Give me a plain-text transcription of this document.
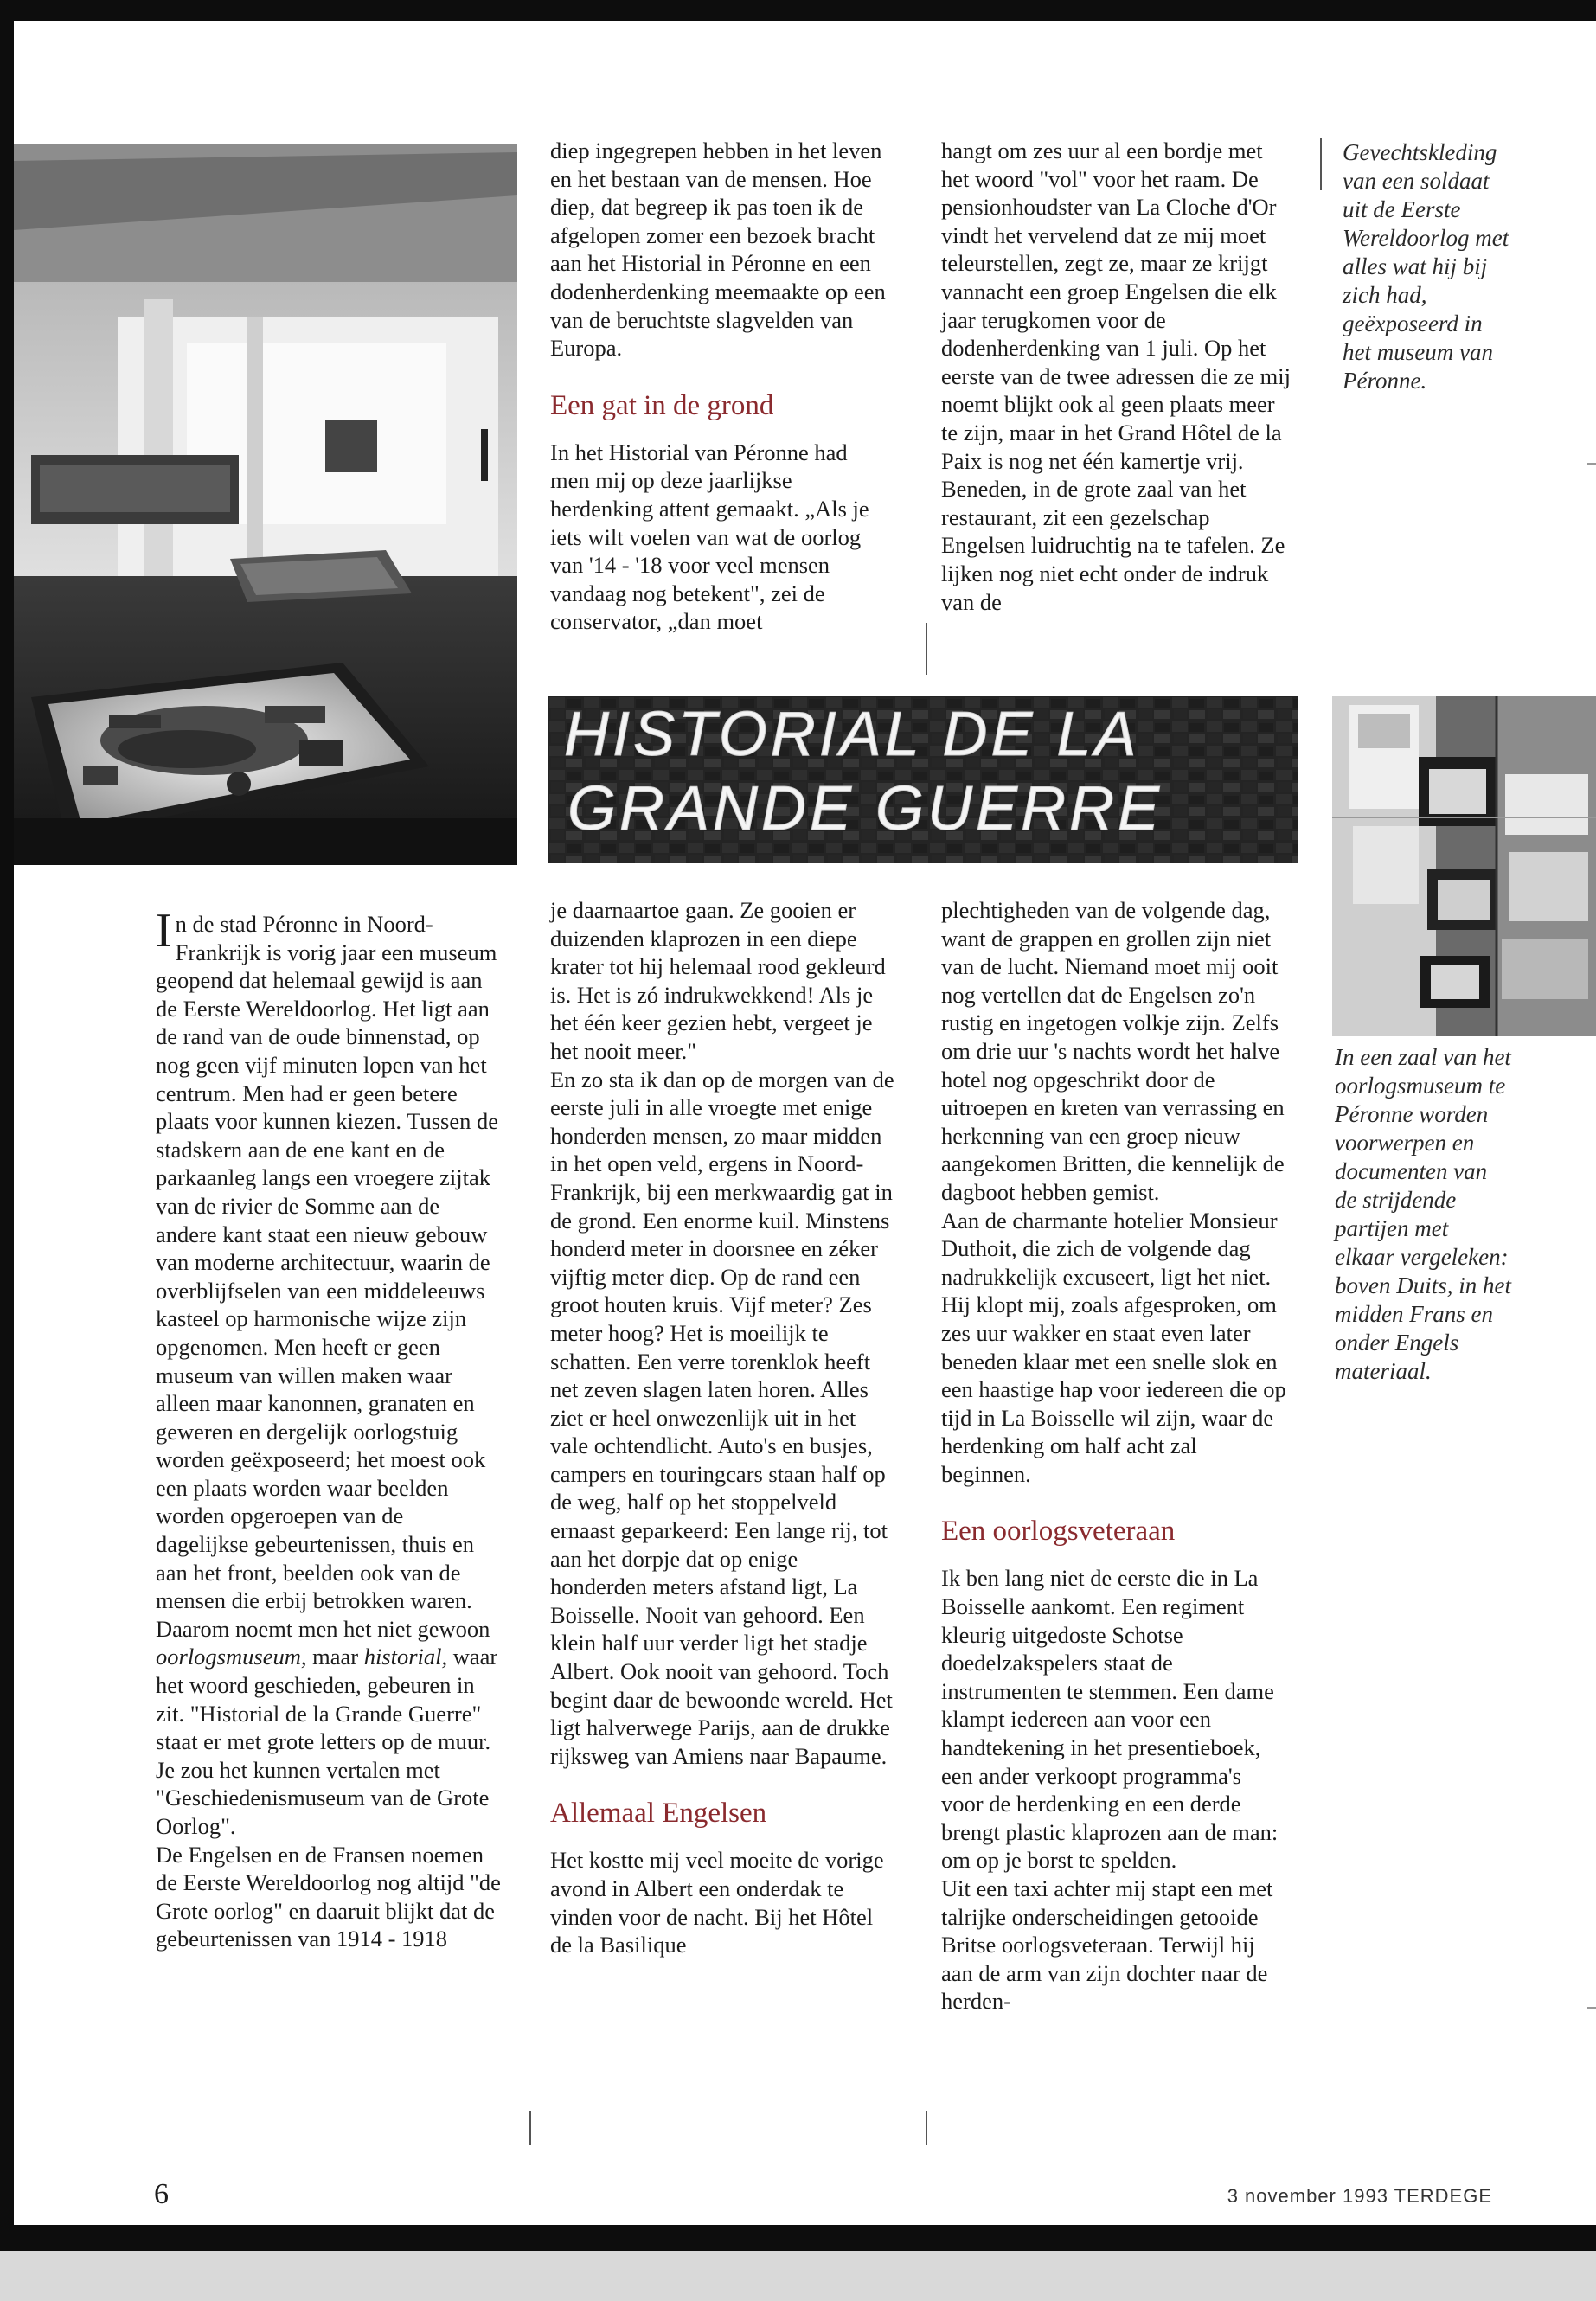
HISTORIAL DE LA
GRANDE GUERRE
Gevechtskleding van een soldaat uit de Eerste Wereldoorlog met alles wat hij bij zich had, geëxposeerd in het museum van Péronne.
In een zaal van het oorlogsmuseum te Péronne worden voorwerpen en documenten van de strijdende partijen met elkaar vergeleken: boven Duits, in het midden Frans en onder Engels materiaal.

diep ingegrepen hebben in het leven en het bestaan van de mensen. Hoe diep, dat begreep ik pas toen ik de afgelopen zomer een bezoek bracht aan het Historial in Péronne en een dodenherdenking meemaakte op een van de beruchtste slagvelden van Europa.

Een gat in de grond

In het Historial van Péronne had men mij op deze jaarlijkse herdenking attent gemaakt. „Als je iets wilt voelen van wat de oorlog van '14 - '18 voor veel mensen vandaag nog betekent", zei de conservator, „dan moet

hangt om zes uur al een bordje met het woord "vol" voor het raam. De pensionhoudster van La Cloche d'Or vindt het vervelend dat ze mij moet teleurstellen, zegt ze, maar ze krijgt vannacht een groep Engelsen die elk jaar terugkomen voor de dodenherdenking van 1 juli. Op het eerste van de twee adressen die ze mij noemt blijkt ook al geen plaats meer te zijn, maar in het Grand Hôtel de la Paix is nog net één kamertje vrij. Beneden, in de grote zaal van het restaurant, zit een gezelschap Engelsen luidruchtig na te tafelen. Ze lijken nog niet echt onder de indruk van de

In de stad Péronne in Noord-Frankrijk is vorig jaar een museum geopend dat helemaal gewijd is aan de Eerste Wereldoorlog. Het ligt aan de rand van de oude binnenstad, op nog geen vijf minuten lopen van het centrum. Men had er geen betere plaats voor kunnen kiezen. Tussen de stadskern aan de ene kant en de parkaanleg langs een vroegere zijtak van de rivier de Somme aan de andere kant staat een nieuw gebouw van moderne architectuur, waarin de overblijfselen van een middeleeuws kasteel op harmonische wijze zijn opgenomen. Men heeft er geen museum van willen maken waar alleen maar kanonnen, granaten en geweren en dergelijk oorlogstuig worden geëxposeerd; het moest ook een plaats worden waar beelden worden opgeroepen van de dagelijkse gebeurtenissen, thuis en aan het front, beelden ook van de mensen die erbij betrokken waren. Daarom noemt men het niet gewoon oorlogsmuseum, maar historial, waar het woord geschieden, gebeuren in zit. "Historial de la Grande Guerre" staat er met grote letters op de muur. Je zou het kunnen vertalen met "Geschiedenismuseum van de Grote Oorlog".

De Engelsen en de Fransen noemen de Eerste Wereldoorlog nog altijd "de Grote oorlog" en daaruit blijkt dat de gebeurtenissen van 1914 - 1918

je daarnaartoe gaan. Ze gooien er duizenden klaprozen in een diepe krater tot hij helemaal rood gekleurd is. Het is zó indrukwekkend! Als je het één keer gezien hebt, vergeet je het nooit meer."

En zo sta ik dan op de morgen van de eerste juli in alle vroegte met enige honderden mensen, zo maar midden in het open veld, ergens in Noord-Frankrijk, bij een merkwaardig gat in de grond. Een enorme kuil. Minstens honderd meter in doorsnee en zéker vijftig meter diep. Op de rand een groot houten kruis. Vijf meter? Zes meter hoog? Het is moeilijk te schatten. Een verre torenklok heeft net zeven slagen laten horen. Alles ziet er heel onwezenlijk uit in het vale ochtendlicht. Auto's en busjes, campers en touringcars staan half op de weg, half op het stoppelveld ernaast geparkeerd: Een lange rij, tot aan het dorpje dat op enige honderden meters afstand ligt, La Boisselle. Nooit van gehoord. Een klein half uur verder ligt het stadje Albert. Ook nooit van gehoord. Toch begint daar de bewoonde wereld. Het ligt halverwege Parijs, aan de drukke rijksweg van Amiens naar Bapaume.

Allemaal Engelsen

Het kostte mij veel moeite de vorige avond in Albert een onderdak te vinden voor de nacht. Bij het Hôtel de la Basilique

plechtigheden van de volgende dag, want de grappen en grollen zijn niet van de lucht. Niemand moet mij ooit nog vertellen dat de Engelsen zo'n rustig en ingetogen volkje zijn. Zelfs om drie uur 's nachts wordt het halve hotel nog opgeschrikt door de uitroepen en kreten van verrassing en herkenning van een groep nieuw aangekomen Britten, die kennelijk de dagboot hebben gemist.

Aan de charmante hotelier Monsieur Duthoit, die zich de volgende dag nadrukkelijk excuseert, ligt het niet. Hij klopt mij, zoals afgesproken, om zes uur wakker en staat even later beneden klaar met een snelle slok en een haastige hap voor iedereen die op tijd in La Boisselle wil zijn, waar de herdenking om half acht zal beginnen.

Een oorlogsveteraan

Ik ben lang niet de eerste die in La Boisselle aankomt. Een regiment kleurig uitgedoste Schotse doedelzakspelers staat de instrumenten te stemmen. Een dame klampt iedereen aan voor een handtekening in het presentieboek, een ander verkoopt programma's voor de herdenking en een derde brengt plastic klaprozen aan de man: om op je borst te spelden.

Uit een taxi achter mij stapt een met talrijke onderscheidingen getooide Britse oorlogsveteraan. Terwijl hij aan de arm van zijn dochter naar de herden-

6	3 november 1993 TERDEGE
